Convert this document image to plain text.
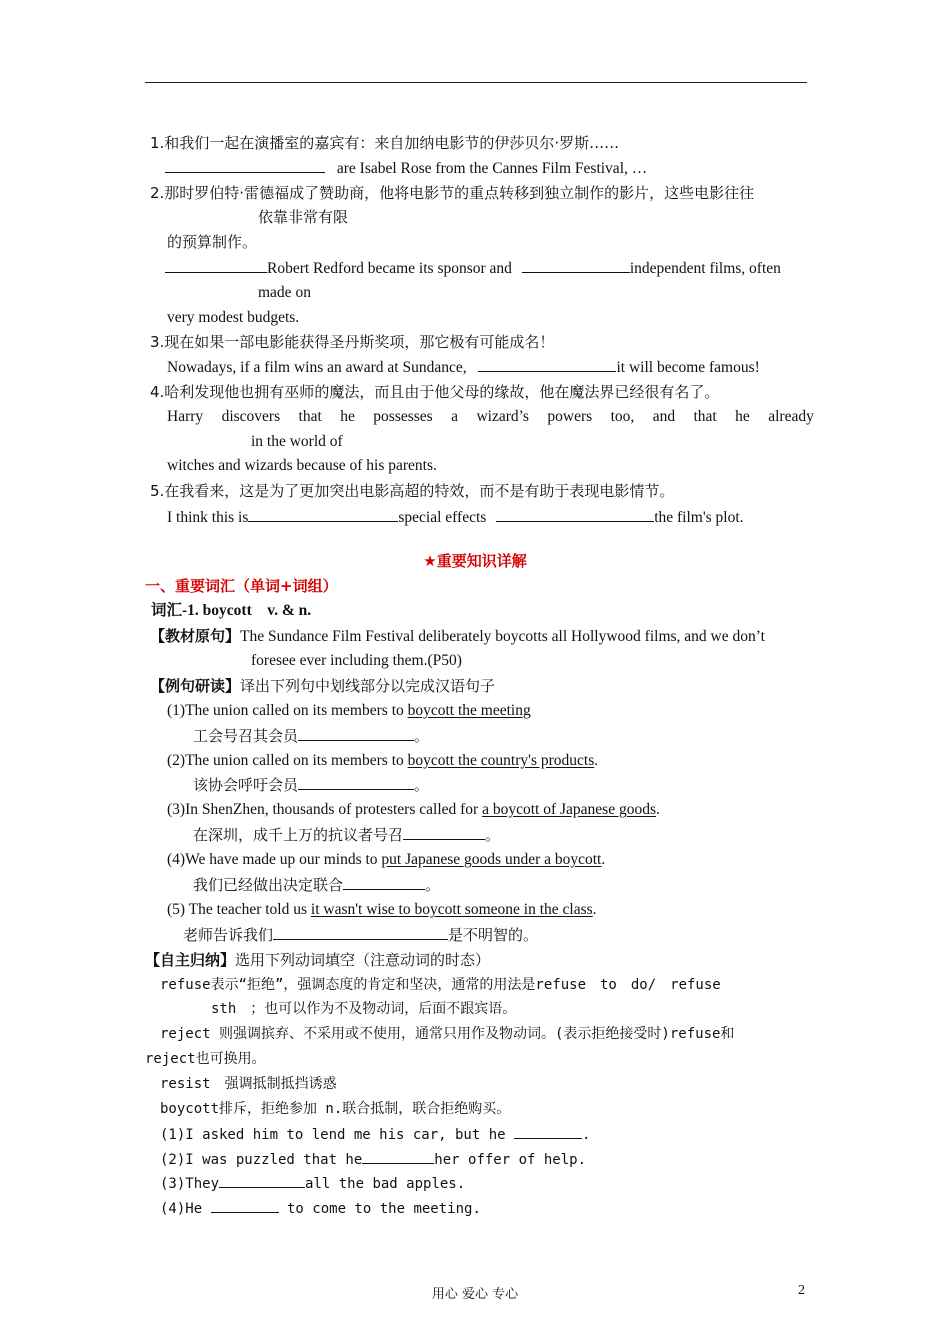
1.和我们一起在演播室的嘉宾有：来自加纳电影节的伊莎贝尔·罗斯……
are Isabel Rose from the Cannes Film Festival, …
2.那时罗伯特·雷德福成了赞助商，他将电影节的重点转移到独立制作的影片，这些电影往往
依靠非常有限
的预算制作。
Robert Redford became its sponsor and	independent films, often
made on
very modest budgets.
3.现在如果一部电影能获得圣丹斯奖项，那它极有可能成名！
Nowadays, if a film wins an award at Sundance,	it will become famous!
4.哈利发现他也拥有巫师的魔法，而且由于他父母的缘故，他在魔法界已经很有名了。
Harry discovers that he possesses a wizard’s powers too, and that he already
in the world of
witches and wizards because of his parents.
5.在我看来，这是为了更加突出电影高超的特效，而不是有助于表现电影情节。
I think this is	special effects	the film's plot.
★重要知识详解
一、重要词汇（单词+词组）
词汇-1. boycott　v. & n.
【教材原句】The Sundance Film Festival deliberately boycotts all Hollywood films, and we don’t
foresee ever including them.(P50)
【例句研读】译出下列句中划线部分以完成汉语句子
(1)The union called on its members to boycott the meeting
工会号召其会员	。
(2)The union called on its members to boycott the country's products.
该协会呼吁会员	。
(3)In ShenZhen, thousands of protesters called for a boycott of Japanese goods.
在深圳，成千上万的抗议者号召	。
(4)We have made up our minds to put Japanese goods under a boycott.
我们已经做出决定联合	。
(5) The teacher told us it wasn't wise to boycott someone in the class.
老师告诉我们	是不明智的。
【自主归纳】选用下列动词填空（注意动词的时态）
refuse表示“拒绝”，强调态度的肯定和坚决，通常的用法是refuse　to　do/　refuse
sth　；也可以作为不及物动词，后面不跟宾语。
reject 则强调摈弃、不采用或不使用，通常只用作及物动词。(表示拒绝接受时)refuse和
reject也可换用。
resist　强调抵制抵挡诱惑
boycott排斥，拒绝参加 n.联合抵制，联合拒绝购买。
(1)I asked him to lend me his car, but he	.
(2)I was puzzled that he	her offer of help.
(3)They	all the bad apples.
(4)He	to come to the meeting.
用心 爱心 专心	2
